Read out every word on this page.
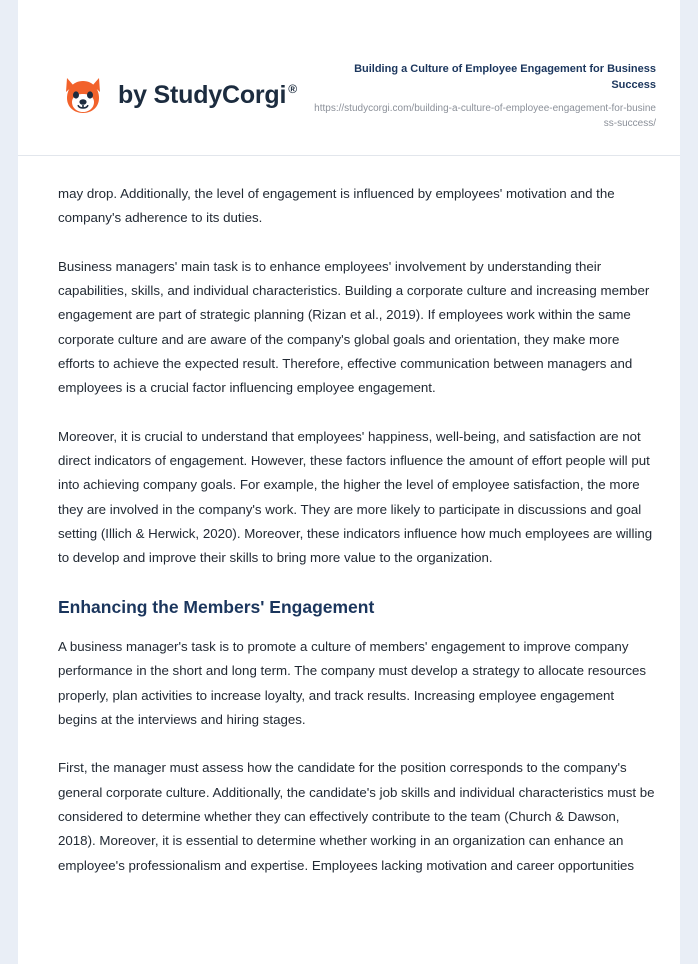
by StudyCorgi ®
Building a Culture of Employee Engagement for Business Success
https://studycorgi.com/building-a-culture-of-employee-engagement-for-business-success/

may drop. Additionally, the level of engagement is influenced by employees' motivation and the company's adherence to its duties.

Business managers' main task is to enhance employees' involvement by understanding their capabilities, skills, and individual characteristics. Building a corporate culture and increasing member engagement are part of strategic planning (Rizan et al., 2019). If employees work within the same corporate culture and are aware of the company's global goals and orientation, they make more efforts to achieve the expected result. Therefore, effective communication between managers and employees is a crucial factor influencing employee engagement.

Moreover, it is crucial to understand that employees' happiness, well-being, and satisfaction are not direct indicators of engagement. However, these factors influence the amount of effort people will put into achieving company goals. For example, the higher the level of employee satisfaction, the more they are involved in the company's work. They are more likely to participate in discussions and goal setting (Illich & Herwick, 2020). Moreover, these indicators influence how much employees are willing to develop and improve their skills to bring more value to the organization.

Enhancing the Members' Engagement

A business manager's task is to promote a culture of members' engagement to improve company performance in the short and long term. The company must develop a strategy to allocate resources properly, plan activities to increase loyalty, and track results. Increasing employee engagement begins at the interviews and hiring stages.

First, the manager must assess how the candidate for the position corresponds to the company's general corporate culture. Additionally, the candidate's job skills and individual characteristics must be considered to determine whether they can effectively contribute to the team (Church & Dawson, 2018). Moreover, it is essential to determine whether working in an organization can enhance an employee's professionalism and expertise. Employees lacking motivation and career opportunities
